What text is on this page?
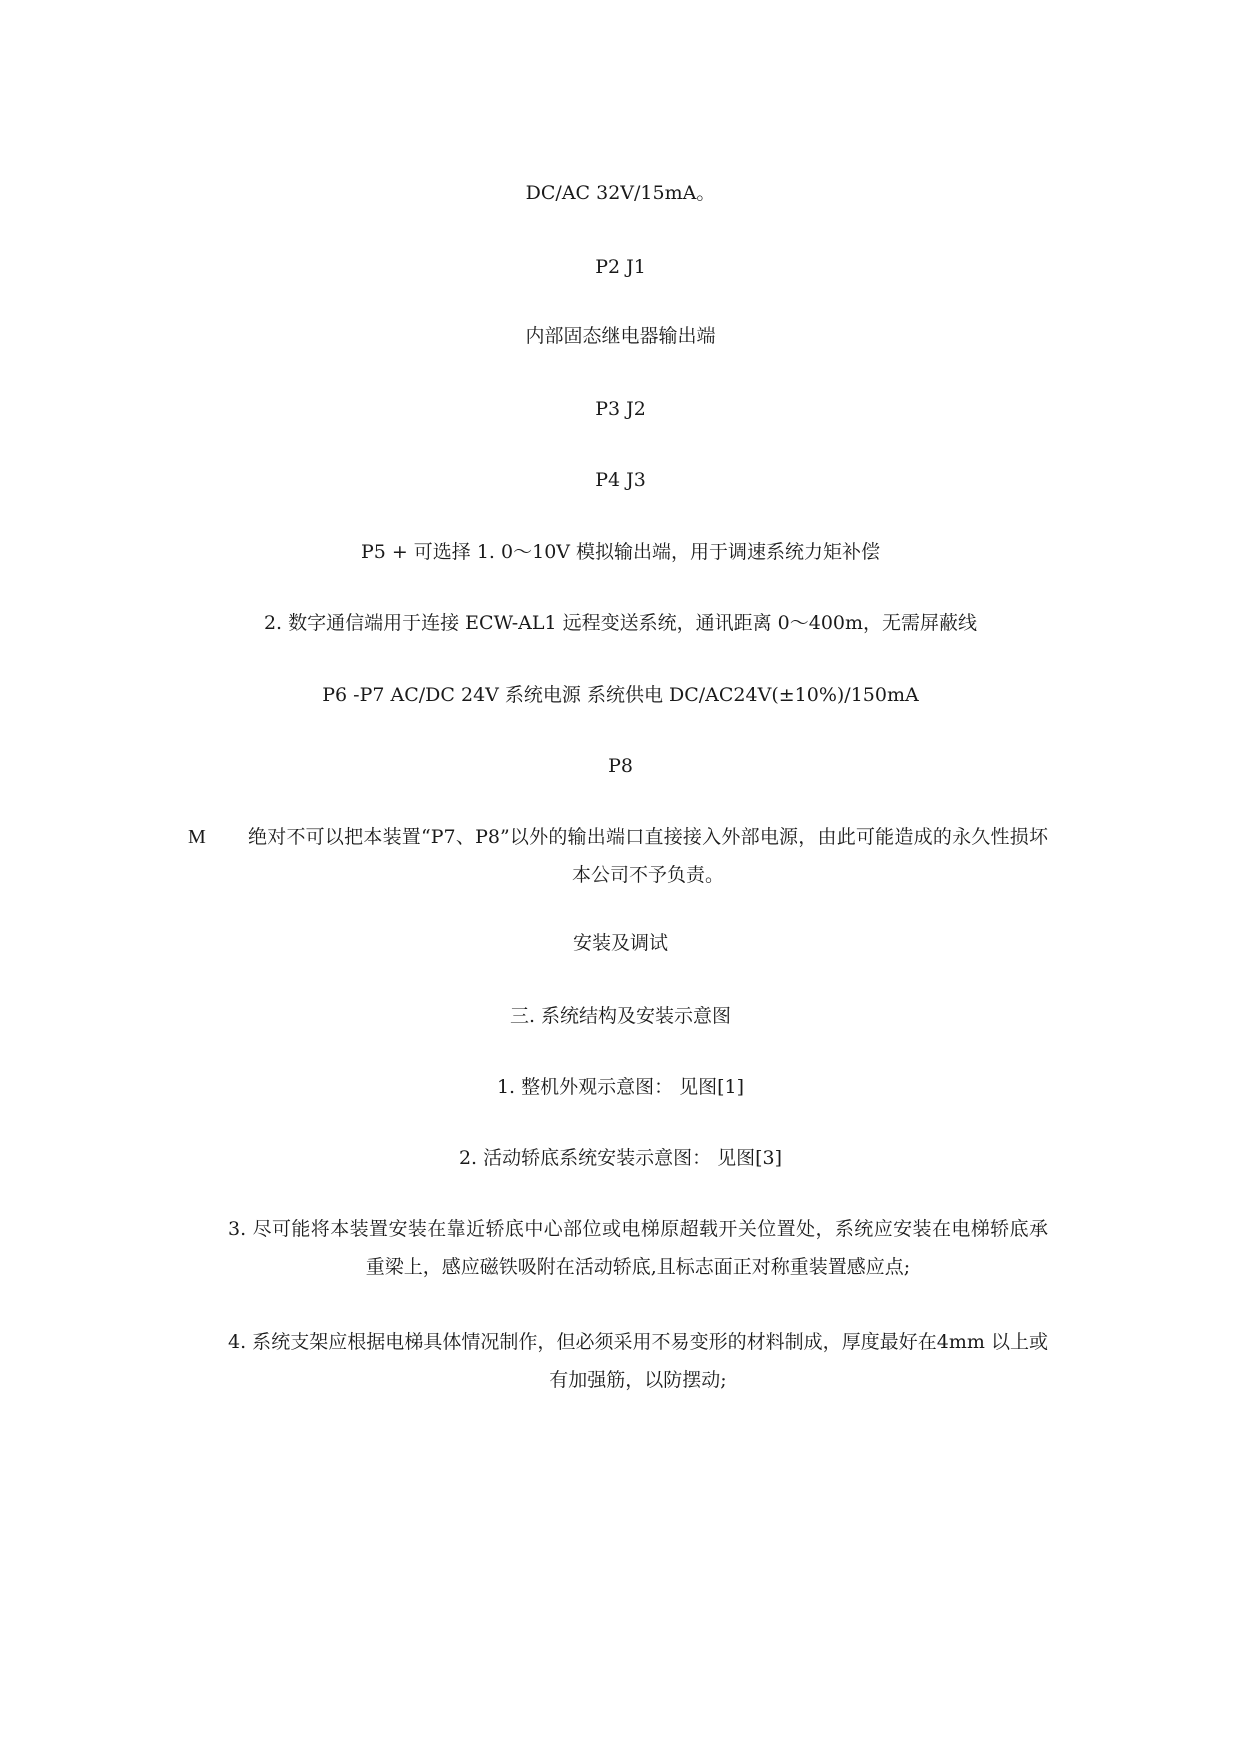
DC/AC 32V/15mA。
P2 J1
内部固态继电器输出端
P3 J2
P4 J3
P5 + 可选择 1. 0～10V 模拟输出端，用于调速系统力矩补偿
2. 数字通信端用于连接 ECW-AL1 远程变送系统，通讯距离 0～400m，无需屏蔽线
P6 -P7 AC/DC 24V 系统电源 系统供电 DC/AC24V(±10%)/150mA
P8
M 绝对不可以把本装置“P7、P8”以外的输出端口直接接入外部电源，由此可能造成的永久性损坏本公司不予负责。
安装及调试
三. 系统结构及安装示意图
1. 整机外观示意图： 见图[1]
2. 活动轿底系统安装示意图： 见图[3]
3. 尽可能将本装置安装在靠近轿底中心部位或电梯原超载开关位置处，系统应安装在电梯轿底承重梁上，感应磁铁吸附在活动轿底,且标志面正对称重装置感应点;
4. 系统支架应根据电梯具体情况制作，但必须采用不易变形的材料制成，厚度最好在4mm 以上或有加强筋，以防摆动;
